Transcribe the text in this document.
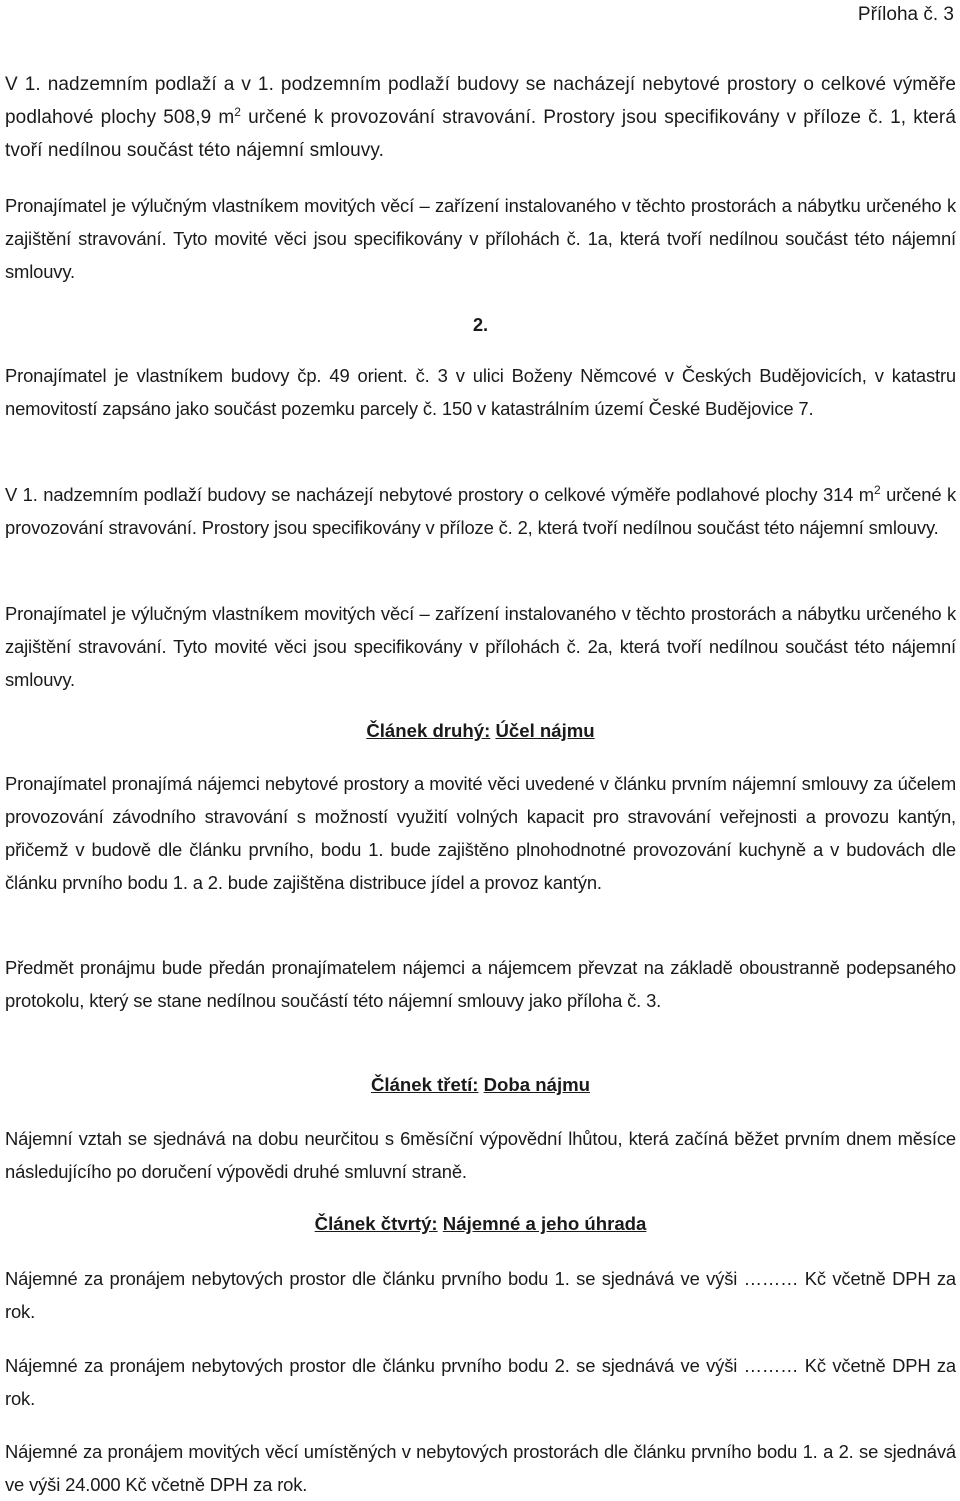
Příloha č. 3

V 1. nadzemním podlaží a v 1. podzemním podlaží budovy se nacházejí nebytové prostory o celkové výměře podlahové plochy 508,9 $m^2$ určené k provozování stravování. Prostory jsou specifikovány v příloze č. 1, která tvoří nedílnou součást této nájemní smlouvy.

Pronajímatel je výlučným vlastníkem movitých věcí – zařízení instalovaného v těchto prostorách a nábytku určeného k zajištění stravování. Tyto movité věci jsou specifikovány v přílohách č. 1a, která tvoří nedílnou součást této nájemní smlouvy.

2.

Pronajímatel je vlastníkem budovy čp. 49 orient. č. 3 v ulici Boženy Němcové v Českých Budějovicích, v katastru nemovitostí zapsáno jako součást pozemku parcely č. 150 v katastrálním území České Budějovice 7.

V 1. nadzemním podlaží budovy se nacházejí nebytové prostory o celkové výměře podlahové plochy 314 $m^2$ určené k provozování stravování. Prostory jsou specifikovány v příloze č. 2, která tvoří nedílnou součást této nájemní smlouvy.

Pronajímatel je výlučným vlastníkem movitých věcí – zařízení instalovaného v těchto prostorách a nábytku určeného k zajištění stravování. Tyto movité věci jsou specifikovány v přílohách č. 2a, která tvoří nedílnou součást této nájemní smlouvy.

Článek druhý: Účel nájmu

Pronajímatel pronajímá nájemci nebytové prostory a movité věci uvedené v článku prvním nájemní smlouvy za účelem provozování závodního stravování s možností využití volných kapacit pro stravování veřejnosti a provozu kantýn, přičemž v budově dle článku prvního, bodu 1. bude zajištěno plnohodnotné provozování kuchyně a v budovách dle článku prvního bodu 1. a 2. bude zajištěna distribuce jídel a provoz kantýn.

Předmět pronájmu bude předán pronajímatelem nájemci a nájemcem převzat na základě oboustranně podepsaného protokolu, který se stane nedílnou součástí této nájemní smlouvy jako příloha č. 3.

Článek třetí: Doba nájmu

Nájemní vztah se sjednává na dobu neurčitou s 6měsíční výpovědní lhůtou, která začíná běžet prvním dnem měsíce následujícího po doručení výpovědi druhé smluvní straně.

Článek čtvrtý: Nájemné a jeho úhrada

Nájemné za pronájem nebytových prostor dle článku prvního bodu 1. se sjednává ve výši ……… Kč včetně DPH za rok.

Nájemné za pronájem nebytových prostor dle článku prvního bodu 2. se sjednává ve výši ……… Kč včetně DPH za rok.

Nájemné za pronájem movitých věcí umístěných v nebytových prostorách dle článku prvního bodu 1. a 2. se sjednává ve výši 24.000 Kč včetně DPH za rok.
